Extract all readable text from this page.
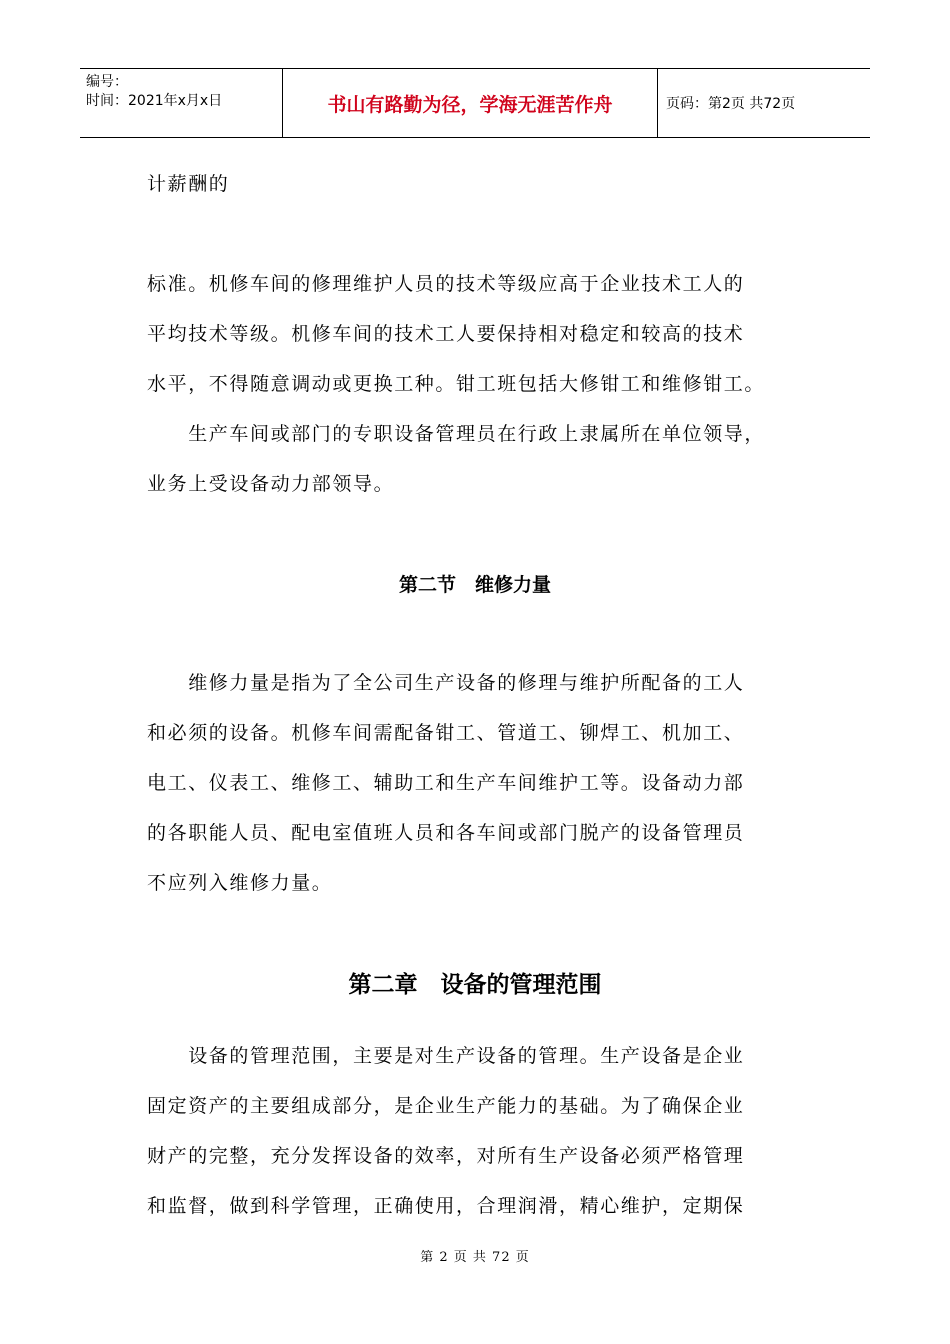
编号：
时间：2021年x月x日	书山有路勤为径，学海无涯苦作舟	页码：第2页 共72页
计薪酬的
标准。机修车间的修理维护人员的技术等级应高于企业技术工人的
平均技术等级。机修车间的技术工人要保持相对稳定和较高的技术
水平，不得随意调动或更换工种。钳工班包括大修钳工和维修钳工。
　　生产车间或部门的专职设备管理员在行政上隶属所在单位领导，
业务上受设备动力部领导。
第二节　维修力量
　　维修力量是指为了全公司生产设备的修理与维护所配备的工人
和必须的设备。机修车间需配备钳工、管道工、铆焊工、机加工、
电工、仪表工、维修工、辅助工和生产车间维护工等。设备动力部
的各职能人员、配电室值班人员和各车间或部门脱产的设备管理员
不应列入维修力量。
第二章　设备的管理范围
　　设备的管理范围，主要是对生产设备的管理。生产设备是企业
固定资产的主要组成部分，是企业生产能力的基础。为了确保企业
财产的完整，充分发挥设备的效率，对所有生产设备必须严格管理
和监督，做到科学管理，正确使用，合理润滑，精心维护，定期保
第 2 页 共 72 页
